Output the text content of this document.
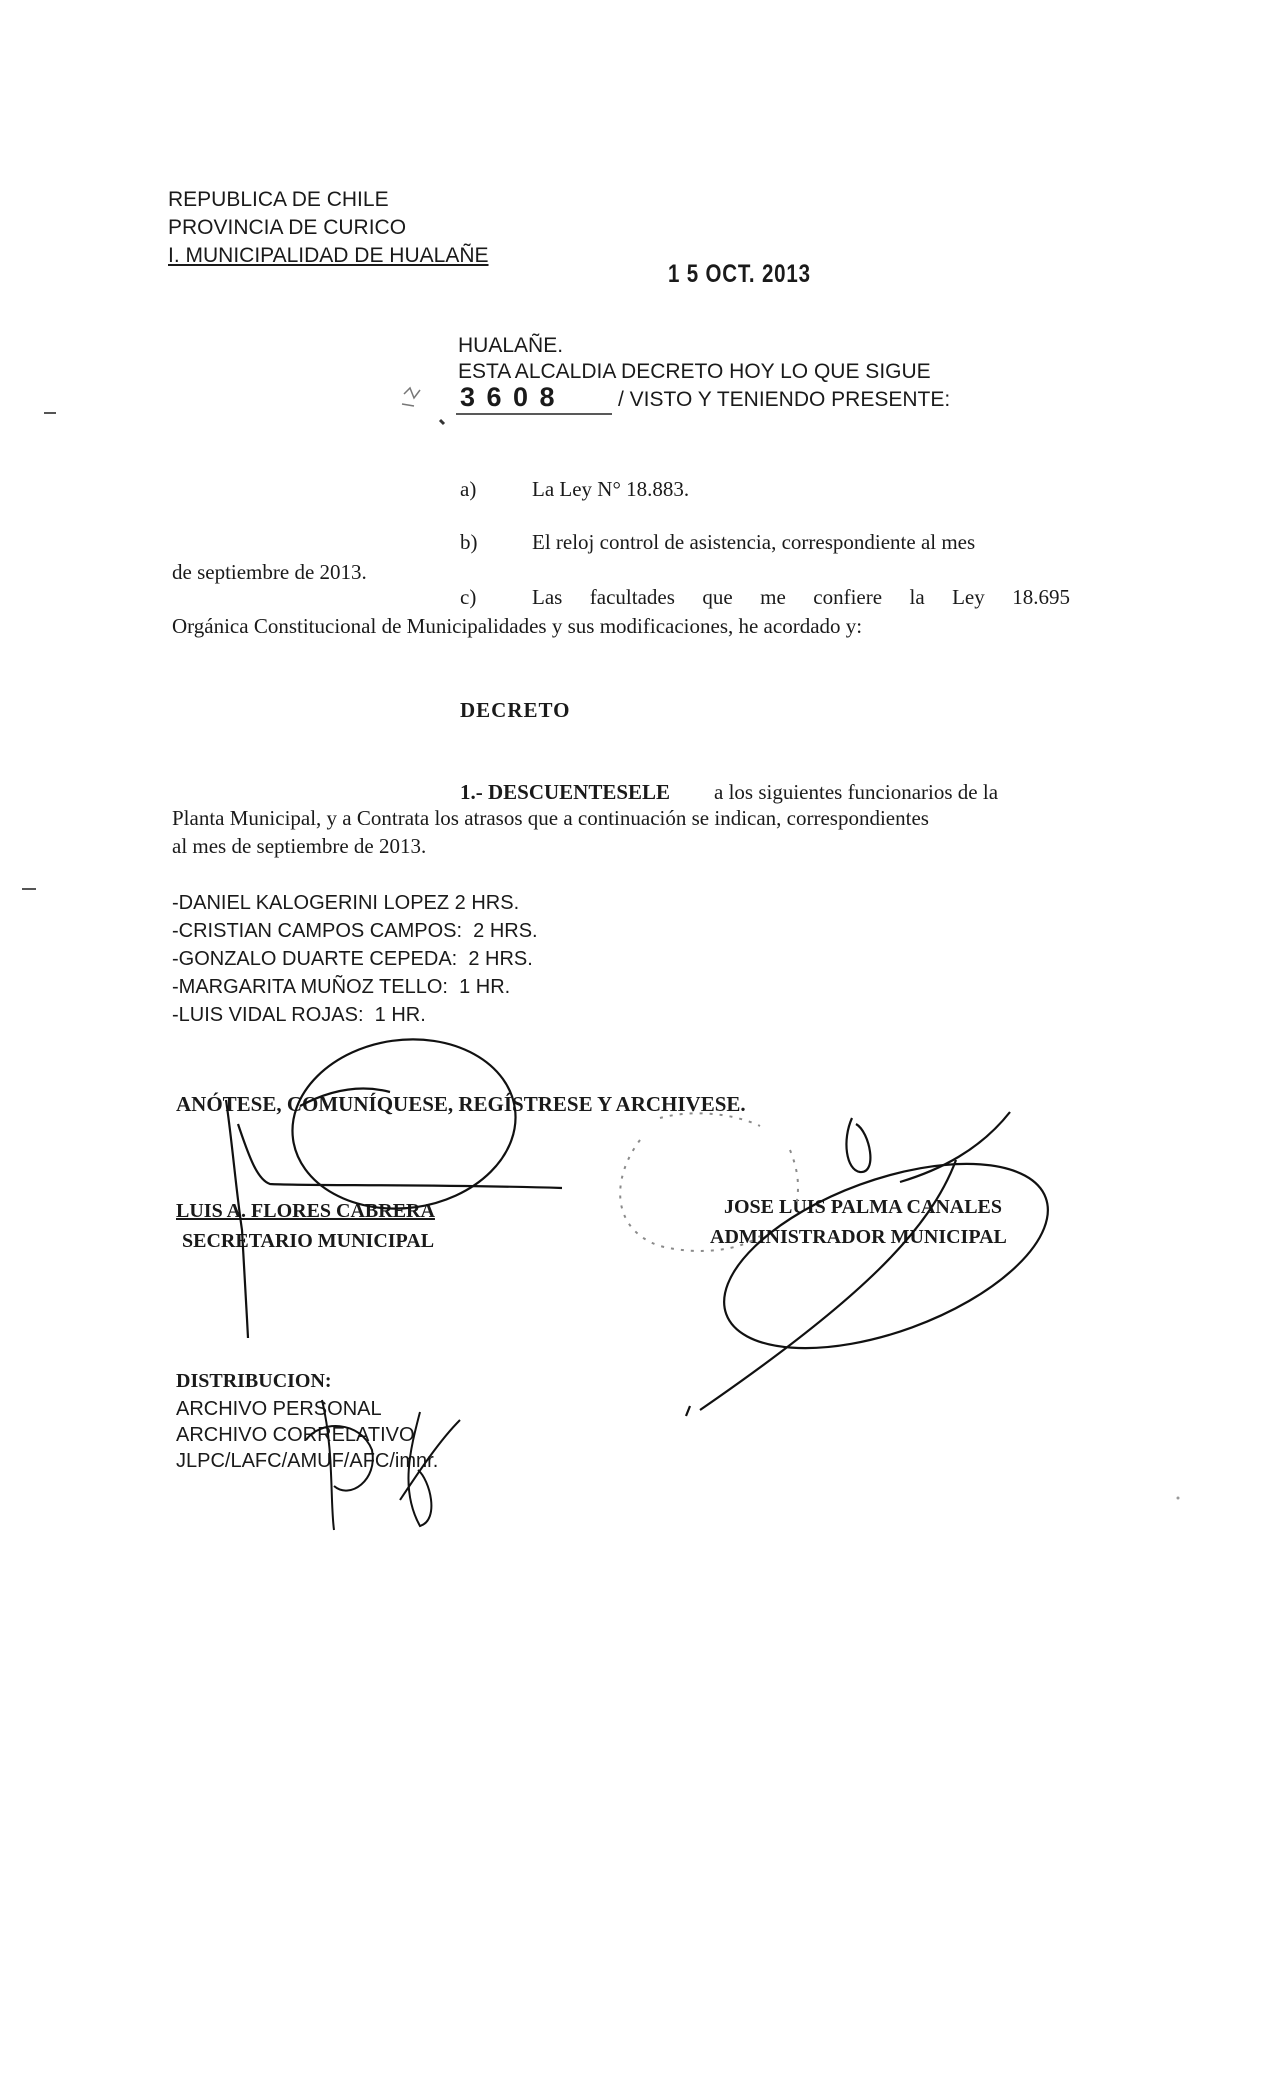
REPUBLICA DE CHILE
PROVINCIA DE CURICO
I. MUNICIPALIDAD DE HUALAÑE
1 5 OCT. 2013
HUALAÑE.
ESTA ALCALDIA DECRETO HOY LO QUE SIGUE
3 6 0 8	/ VISTO Y TENIENDO PRESENTE:
a)	La Ley N° 18.883.
b)	El reloj control de asistencia, correspondiente al mes
de septiembre de 2013.
c)	Las facultades que me confiere la Ley 18.695
Orgánica Constitucional de Municipalidades y sus modificaciones, he acordado y:
DECRETO
1.- DESCUENTESELE a los siguientes funcionarios de la
Planta Municipal, y a Contrata los atrasos que a continuación se indican, correspondientes
al mes de septiembre de 2013.
-DANIEL KALOGERINI LOPEZ 2 HRS.
-CRISTIAN CAMPOS CAMPOS:  2 HRS.
-GONZALO DUARTE CEPEDA:  2 HRS.
-MARGARITA MUÑOZ TELLO:  1 HR.
-LUIS VIDAL ROJAS:  1 HR.
ANÓTESE, COMUNÍQUESE, REGÍSTRESE Y ARCHIVESE.
LUIS A. FLORES CABRERA
SECRETARIO MUNICIPAL
JOSE LUIS PALMA CANALES
ADMINISTRADOR MUNICIPAL
DISTRIBUCION:
ARCHIVO PERSONAL
ARCHIVO CORRELATIVO
JLPC/LAFC/AMUF/AFC/imnr.
